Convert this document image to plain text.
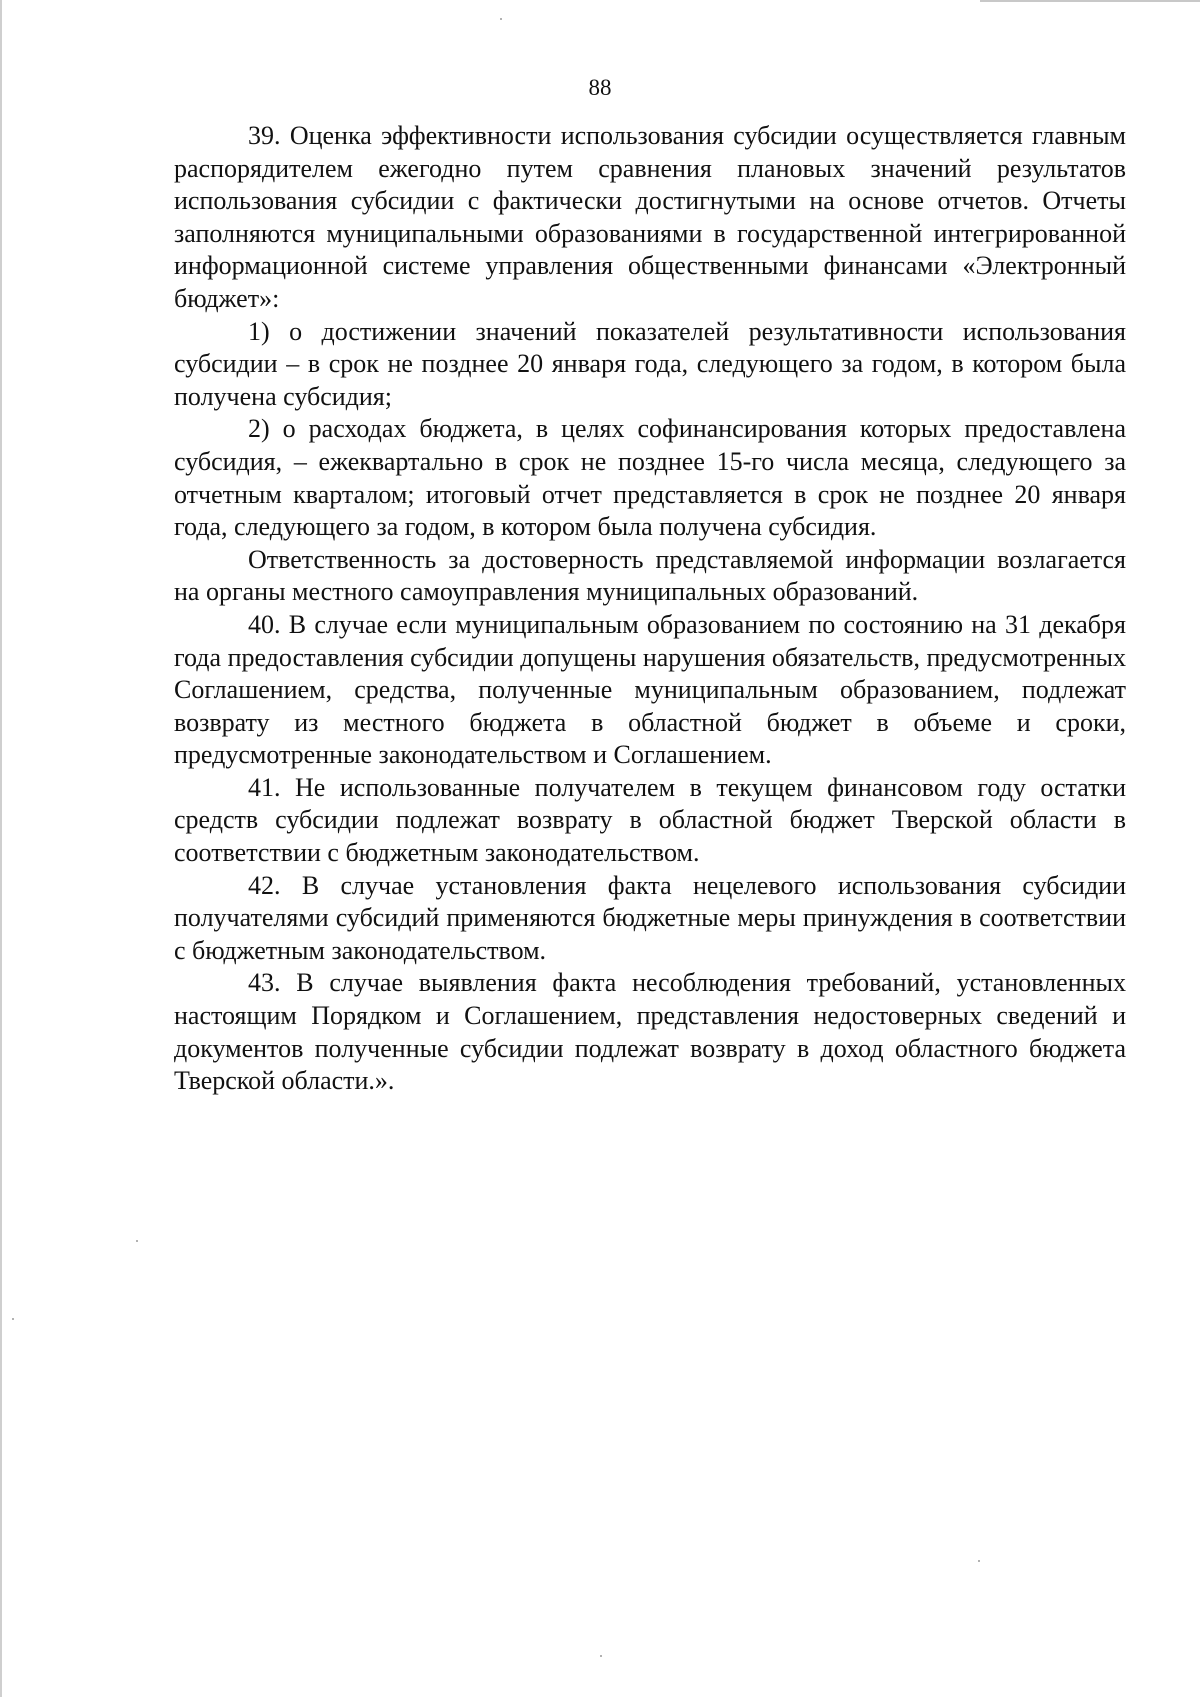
88

39. Оценка эффективности использования субсидии осуществляется главным распорядителем ежегодно путем сравнения плановых значений результатов использования субсидии с фактически достигнутыми на основе отчетов. Отчеты заполняются муниципальными образованиями в государственной интегрированной информационной системе управления общественными финансами «Электронный бюджет»:

1) о достижении значений показателей результативности использования субсидии – в срок не позднее 20 января года, следующего за годом, в котором была получена субсидия;

2) о расходах бюджета, в целях софинансирования которых предоставлена субсидия, – ежеквартально в срок не позднее 15-го числа месяца, следующего за отчетным кварталом; итоговый отчет представляется в срок не позднее 20 января года, следующего за годом, в котором была получена субсидия.

Ответственность за достоверность представляемой информации возлагается на органы местного самоуправления муниципальных образований.

40. В случае если муниципальным образованием по состоянию на 31 декабря года предоставления субсидии допущены нарушения обязательств, предусмотренных Соглашением, средства, полученные муниципальным образованием, подлежат возврату из местного бюджета в областной бюджет в объеме и сроки, предусмотренные законодательством и Соглашением.

41. Не использованные получателем в текущем финансовом году остатки средств субсидии подлежат возврату в областной бюджет Тверской области в соответствии с бюджетным законодательством.

42. В случае установления факта нецелевого использования субсидии получателями субсидий применяются бюджетные меры принуждения в соответствии с бюджетным законодательством.

43. В случае выявления факта несоблюдения требований, установленных настоящим Порядком и Соглашением, представления недостоверных сведений и документов полученные субсидии подлежат возврату в доход областного бюджета Тверской области.».
